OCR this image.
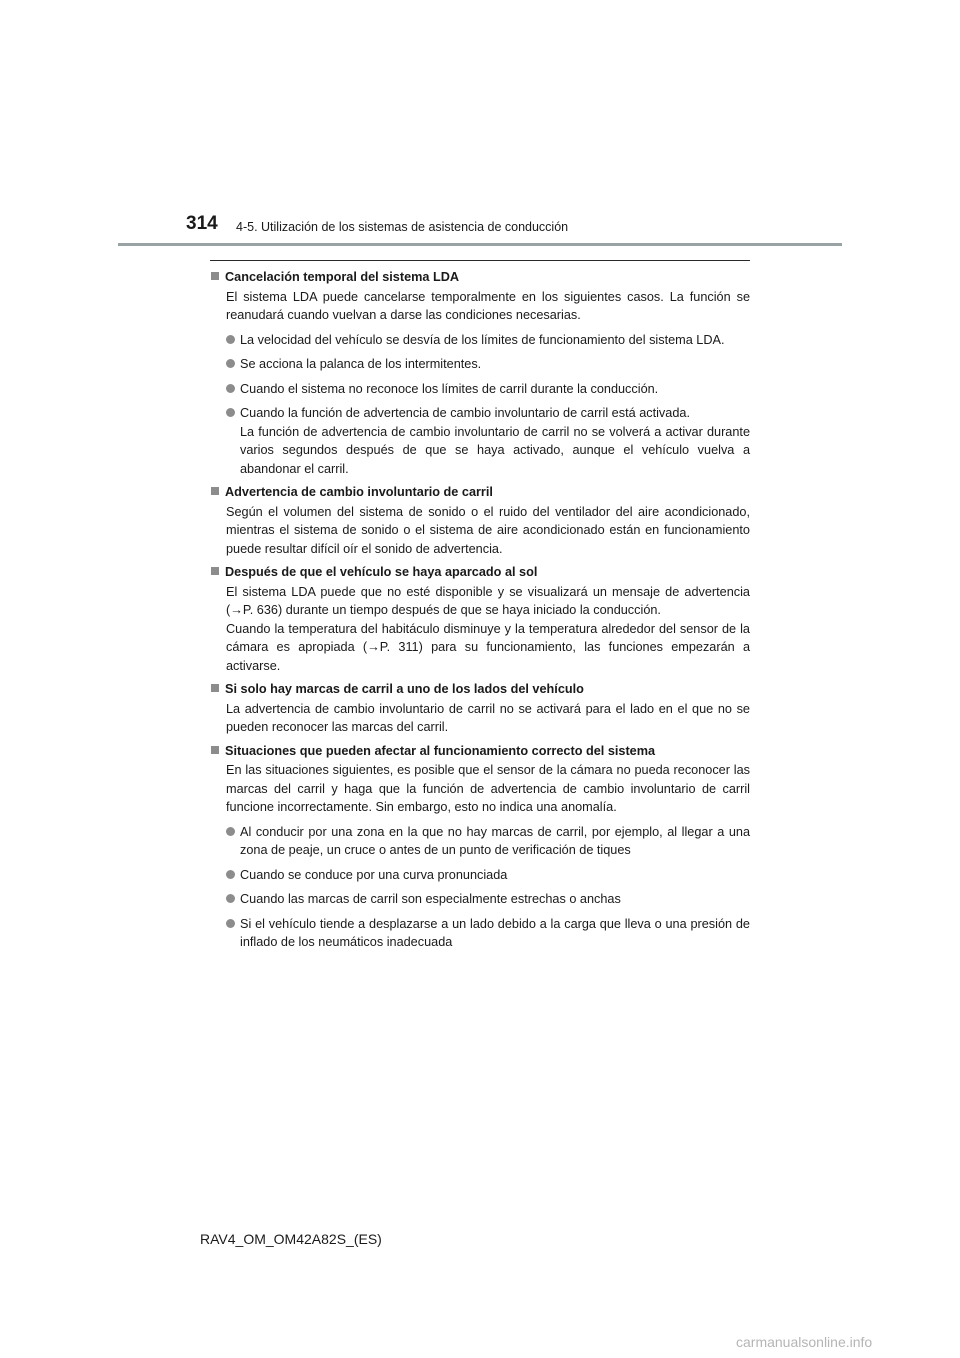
314 4-5. Utilización de los sistemas de asistencia de conducción
Cancelación temporal del sistema LDA
El sistema LDA puede cancelarse temporalmente en los siguientes casos. La función se reanudará cuando vuelvan a darse las condiciones necesarias.
La velocidad del vehículo se desvía de los límites de funcionamiento del sistema LDA.
Se acciona la palanca de los intermitentes.
Cuando el sistema no reconoce los límites de carril durante la conducción.
Cuando la función de advertencia de cambio involuntario de carril está activada.
La función de advertencia de cambio involuntario de carril no se volverá a activar durante varios segundos después de que se haya activado, aunque el vehículo vuelva a abandonar el carril.
Advertencia de cambio involuntario de carril
Según el volumen del sistema de sonido o el ruido del ventilador del aire acondicionado, mientras el sistema de sonido o el sistema de aire acondicionado están en funcionamiento puede resultar difícil oír el sonido de advertencia.
Después de que el vehículo se haya aparcado al sol
El sistema LDA puede que no esté disponible y se visualizará un mensaje de advertencia (→P. 636) durante un tiempo después de que se haya iniciado la conducción.
Cuando la temperatura del habitáculo disminuye y la temperatura alrededor del sensor de la cámara es apropiada (→P. 311) para su funcionamiento, las funciones empezarán a activarse.
Si solo hay marcas de carril a uno de los lados del vehículo
La advertencia de cambio involuntario de carril no se activará para el lado en el que no se pueden reconocer las marcas del carril.
Situaciones que pueden afectar al funcionamiento correcto del sistema
En las situaciones siguientes, es posible que el sensor de la cámara no pueda reconocer las marcas del carril y haga que la función de advertencia de cambio involuntario de carril funcione incorrectamente. Sin embargo, esto no indica una anomalía.
Al conducir por una zona en la que no hay marcas de carril, por ejemplo, al llegar a una zona de peaje, un cruce o antes de un punto de verificación de tiques
Cuando se conduce por una curva pronunciada
Cuando las marcas de carril son especialmente estrechas o anchas
Si el vehículo tiende a desplazarse a un lado debido a la carga que lleva o una presión de inflado de los neumáticos inadecuada
RAV4_OM_OM42A82S_(ES)
carmanualsonline.info
